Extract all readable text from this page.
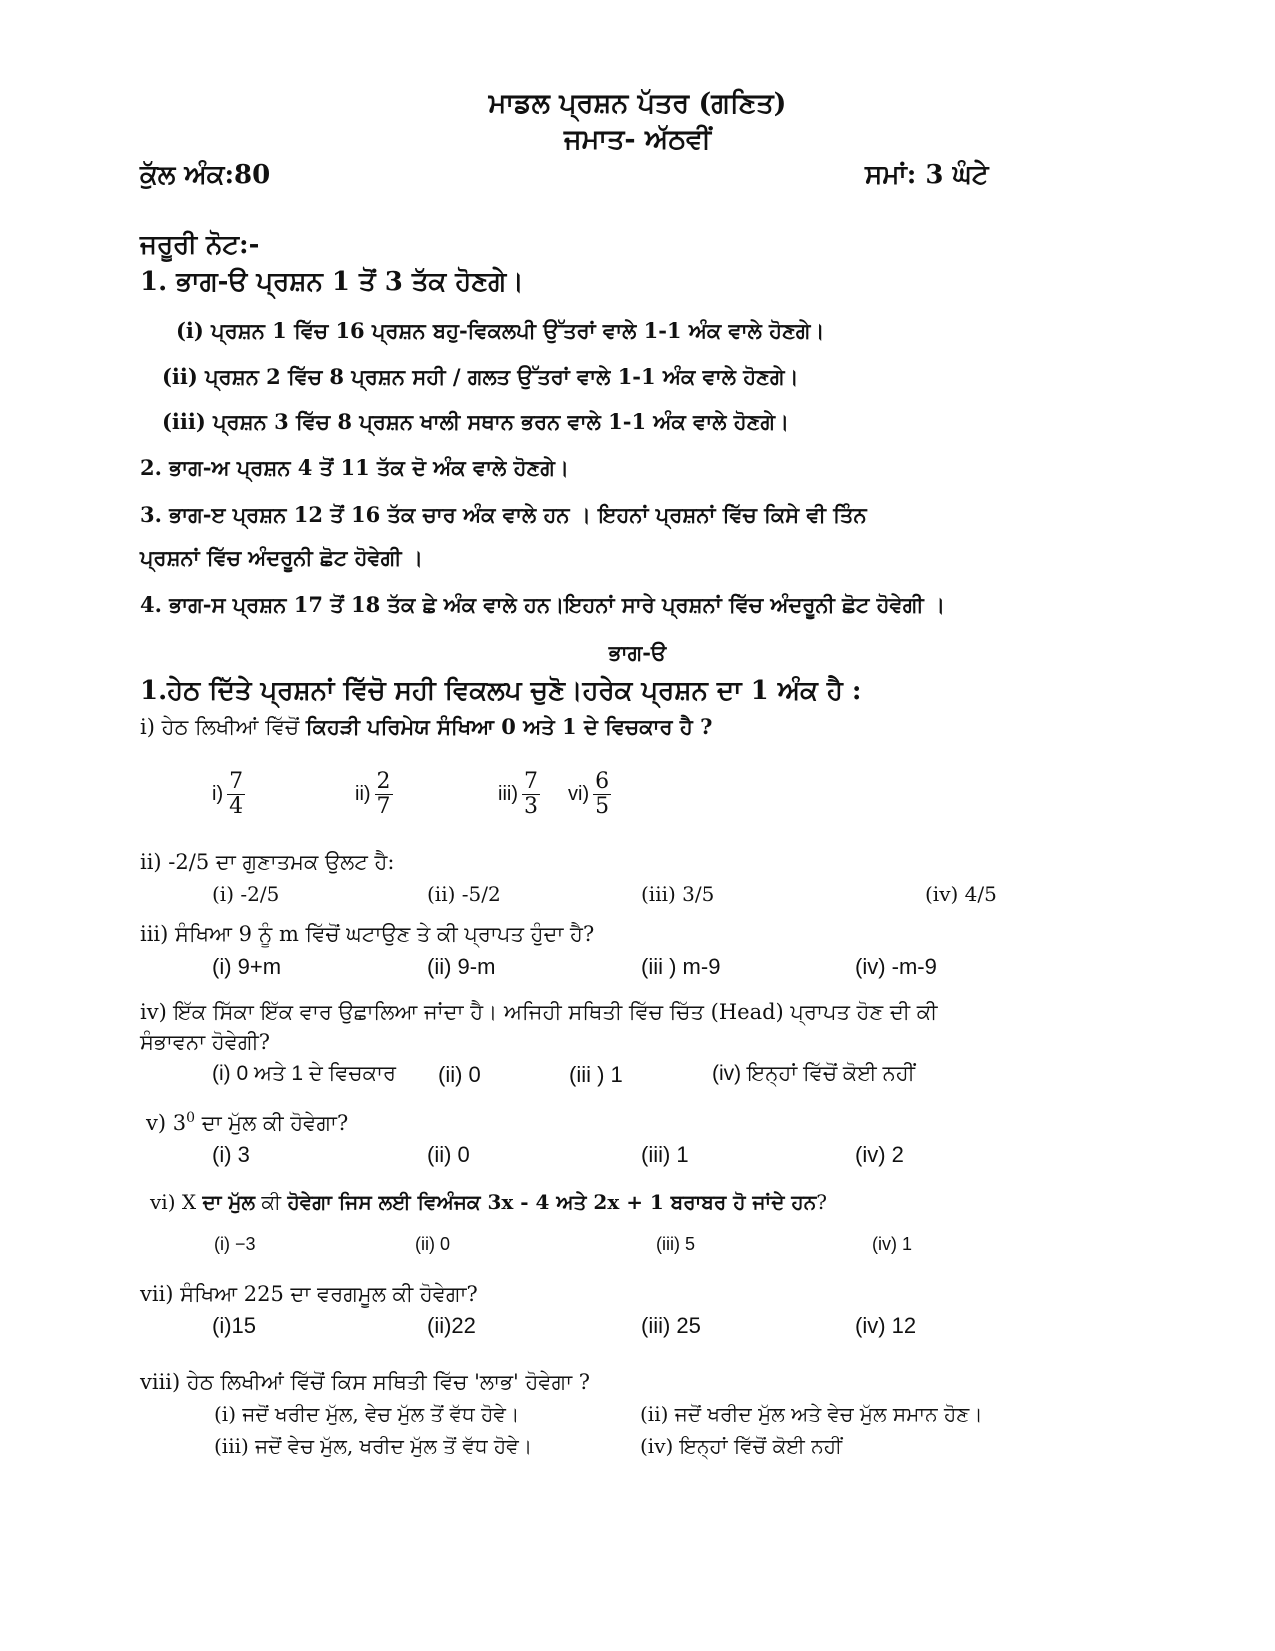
ਮਾਡਲ ਪ੍ਰਸ਼ਨ ਪੱਤਰ (ਗਣਿਤ)
ਜਮਾਤ- ਅੱਠਵੀਂ
ਕੁੱਲ ਅੰਕ:80	ਸਮਾਂ: 3 ਘੰਟੇ
ਜਰੂਰੀ ਨੋਟ:-
1. ਭਾਗ-ੳ ਪ੍ਰਸ਼ਨ 1 ਤੋਂ 3 ਤੱਕ ਹੋਣਗੇ।
(i) ਪ੍ਰਸ਼ਨ 1 ਵਿੱਚ 16 ਪ੍ਰਸ਼ਨ ਬਹੁ-ਵਿਕਲਪੀ ਉੱਤਰਾਂ ਵਾਲੇ 1-1 ਅੰਕ ਵਾਲੇ ਹੋਣਗੇ।
(ii) ਪ੍ਰਸ਼ਨ 2 ਵਿੱਚ 8 ਪ੍ਰਸ਼ਨ ਸਹੀ / ਗਲਤ ਉੱਤਰਾਂ ਵਾਲੇ 1-1 ਅੰਕ ਵਾਲੇ ਹੋਣਗੇ।
(iii) ਪ੍ਰਸ਼ਨ 3 ਵਿੱਚ 8 ਪ੍ਰਸ਼ਨ ਖਾਲੀ ਸਥਾਨ ਭਰਨ ਵਾਲੇ 1-1 ਅੰਕ ਵਾਲੇ ਹੋਣਗੇ।
2. ਭਾਗ-ਅ ਪ੍ਰਸ਼ਨ 4 ਤੋਂ 11 ਤੱਕ ਦੋ ਅੰਕ ਵਾਲੇ ਹੋਣਗੇ।
3. ਭਾਗ-ੲ ਪ੍ਰਸ਼ਨ 12 ਤੋਂ 16 ਤੱਕ ਚਾਰ ਅੰਕ ਵਾਲੇ ਹਨ । ਇਹਨਾਂ ਪ੍ਰਸ਼ਨਾਂ ਵਿੱਚ ਕਿਸੇ ਵੀ ਤਿੰਨ
ਪ੍ਰਸ਼ਨਾਂ ਵਿੱਚ ਅੰਦਰੂਨੀ ਛੋਟ ਹੋਵੇਗੀ ।
4. ਭਾਗ-ਸ ਪ੍ਰਸ਼ਨ 17 ਤੋਂ 18 ਤੱਕ ਛੇ ਅੰਕ ਵਾਲੇ ਹਨ।ਇਹਨਾਂ ਸਾਰੇ ਪ੍ਰਸ਼ਨਾਂ ਵਿੱਚ ਅੰਦਰੂਨੀ ਛੋਟ ਹੋਵੇਗੀ ।
ਭਾਗ-ੳ
1.ਹੇਠ ਦਿੱਤੇ ਪ੍ਰਸ਼ਨਾਂ ਵਿੱਚੋ ਸਹੀ ਵਿਕਲਪ ਚੁਣੋ।ਹਰੇਕ ਪ੍ਰਸ਼ਨ ਦਾ 1 ਅੰਕ ਹੈ :
i) ਹੇਠ ਲਿਖੀਆਂ ਵਿੱਚੋਂ ਕਿਹੜੀ ਪਰਿਮੇਯ ਸੰਖਿਆ 0 ਅਤੇ 1 ਦੇ ਵਿਚਕਾਰ ਹੈ ?
$i) \frac{7}{4}$	$ii) \frac{2}{7}$	$iii) \frac{7}{3} vi) \frac{6}{5}$
ii) -2/5 ਦਾ ਗੁਣਾਤਮਕ ਉਲਟ ਹੈ:
(i) -2/5	(ii) -5/2	(iii) 3/5	(iv) 4/5
iii) ਸੰਖਿਆ 9 ਨੂੰ m ਵਿੱਚੋਂ ਘਟਾਉਣ ਤੇ ਕੀ ਪ੍ਰਾਪਤ ਹੁੰਦਾ ਹੈ?
(i) 9+m	(ii) 9-m	(iii ) m-9	(iv) -m-9
iv) ਇੱਕ ਸਿੱਕਾ ਇੱਕ ਵਾਰ ਉਛਾਲਿਆ ਜਾਂਦਾ ਹੈ। ਅਜਿਹੀ ਸਥਿਤੀ ਵਿੱਚ ਚਿੱਤ (Head) ਪ੍ਰਾਪਤ ਹੋਣ ਦੀ ਕੀ
ਸੰਭਾਵਨਾ ਹੋਵੇਗੀ?
(i) 0 ਅਤੇ 1 ਦੇ ਵਿਚਕਾਰ (ii) 0	(iii ) 1	(iv) ਇਨ੍ਹਾਂ ਵਿੱਚੋਂ ਕੋਈ ਨਹੀਂ
v) $3^0$ ਦਾ ਮੁੱਲ ਕੀ ਹੋਵੇਗਾ?
(i) 3	(ii) 0	(iii) 1	(iv) 2
vi) X ਦਾ ਮੁੱਲ ਕੀ ਹੋਵੇਗਾ ਜਿਸ ਲਈ ਵਿਅੰਜਕ 3x - 4 ਅਤੇ 2x + 1 ਬਰਾਬਰ ਹੋ ਜਾਂਦੇ ਹਨ?
(i) −3	(ii) 0	(iii) 5	(iv) 1
vii) ਸੰਖਿਆ 225 ਦਾ ਵਰਗਮੂਲ ਕੀ ਹੋਵੇਗਾ?
(i)15	(ii)22	(iii) 25	(iv) 12
viii) ਹੇਠ ਲਿਖੀਆਂ ਵਿੱਚੋਂ ਕਿਸ ਸਥਿਤੀ ਵਿੱਚ 'ਲਾਭ' ਹੋਵੇਗਾ ?
(i) ਜਦੋਂ ਖਰੀਦ ਮੁੱਲ, ਵੇਚ ਮੁੱਲ ਤੋਂ ਵੱਧ ਹੋਵੇ।	(ii) ਜਦੋਂ ਖਰੀਦ ਮੁੱਲ ਅਤੇ ਵੇਚ ਮੁੱਲ ਸਮਾਨ ਹੋਣ।
(iii) ਜਦੋਂ ਵੇਚ ਮੁੱਲ, ਖਰੀਦ ਮੁੱਲ ਤੋਂ ਵੱਧ ਹੋਵੇ।	(iv) ਇਨ੍ਹਾਂ ਵਿੱਚੋਂ ਕੋਈ ਨਹੀਂ
